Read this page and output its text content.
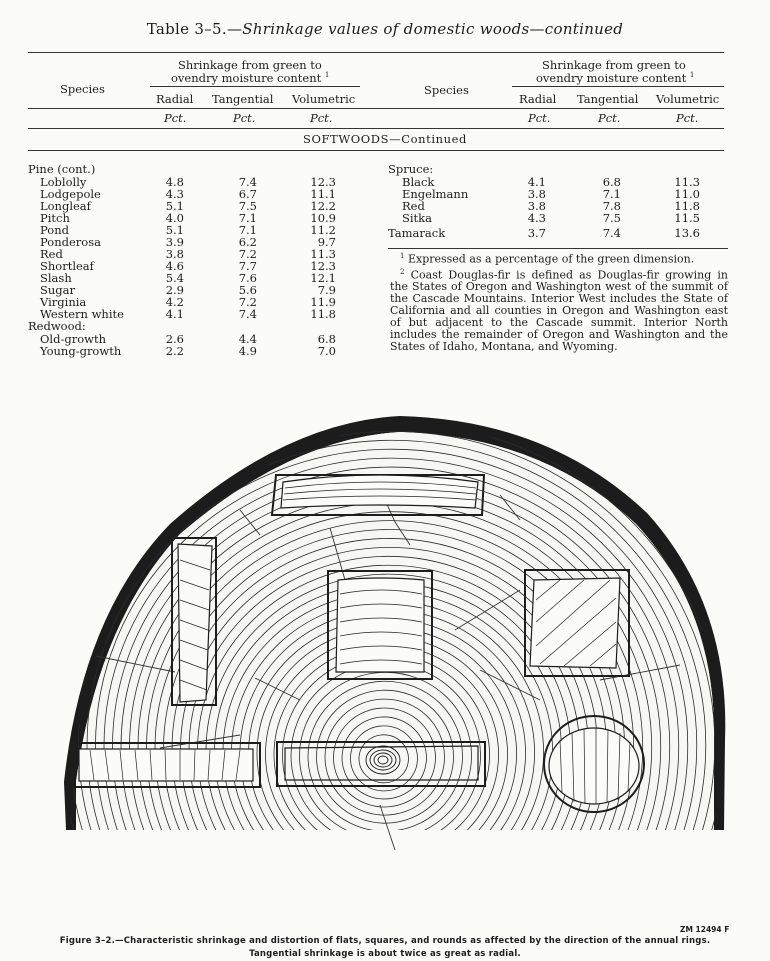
Table 3–5.—Shrinkage values of domestic woods—continued
Species
Shrinkage from green to
ovendry moisture content $^1$
Radial Tangential Volumetric
Pct.	Pct.	Pct.
Species
Shrinkage from green to
ovendry moisture content $^1$
Radial Tangential Volumetric
Pct.	Pct.	Pct.
SOFTWOODS—Continued
Pine (cont.)
Loblolly	4.8	7.4	12.3
Lodgepole	4.3	6.7	11.1
Longleaf	5.1	7.5	12.2
Pitch	4.0	7.1	10.9
Pond	5.1	7.1	11.2
Ponderosa	3.9	6.2	9.7
Red	3.8	7.2	11.3
Shortleaf	4.6	7.7	12.3
Slash	5.4	7.6	12.1
Sugar	2.9	5.6	7.9
Virginia	4.2	7.2	11.9
Western white	4.1	7.4	11.8
Redwood:
Old-growth	2.6	4.4	6.8
Young-growth	2.2	4.9	7.0
Spruce:
Black	4.1	6.8	11.3
Engelmann	3.8	7.1	11.0
Red	3.8	7.8	11.8
Sitka	4.3	7.5	11.5
Tamarack	3.7	7.4	13.6

$^1$ Expressed as a percentage of the green dimension.

$^2$ Coast Douglas-fir is defined as Douglas-fir growing in the States of Oregon and Washington west of the summit of the Cascade Mountains. Interior West includes the State of California and all counties in Oregon and Washington east of but adjacent to the Cascade summit. Interior North includes the remainder of Oregon and Washington and the States of Idaho, Montana, and Wyoming.

ZM 12494 F
Figure 3–2.—Characteristic shrinkage and distortion of flats, squares, and rounds as affected by the direction of the annual rings.
Tangential shrinkage is about twice as great as radial.
